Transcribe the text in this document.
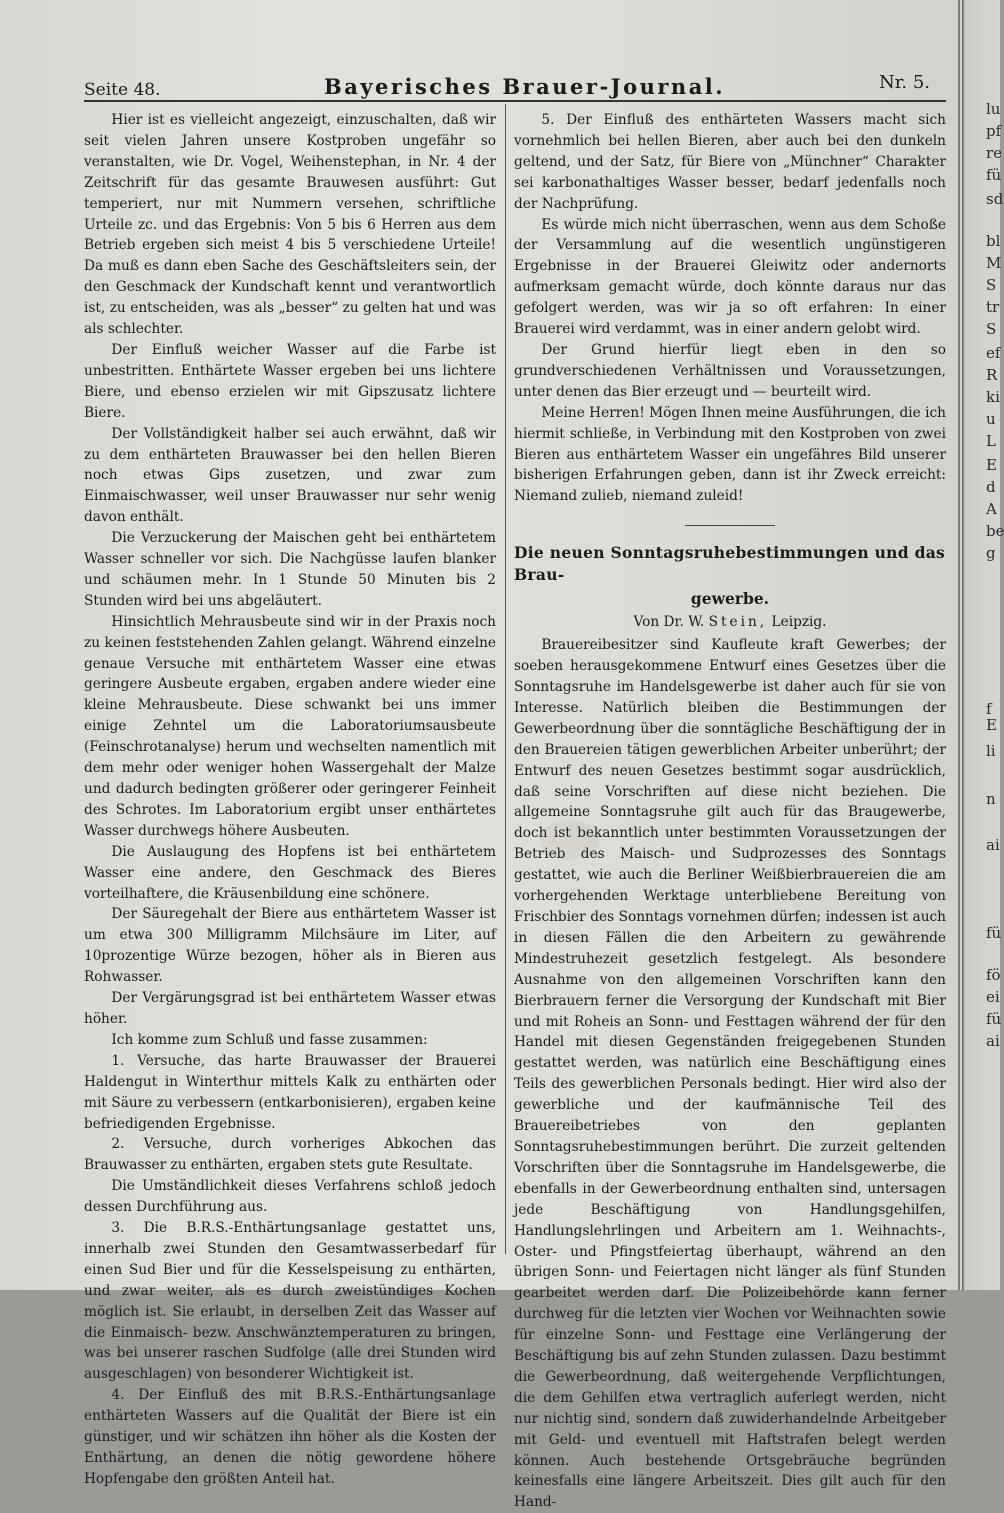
Seite 48.	Bayerisches Brauer-Journal.	Nr. 5.

Hier ist es vielleicht angezeigt, einzuschalten, daß wir seit vielen Jahren unsere Kostproben ungefähr so veranstalten, wie Dr. Vogel, Weihenstephan, in Nr. 4 der Zeitschrift für das gesamte Brauwesen ausführt: Gut temperiert, nur mit Nummern versehen, schriftliche Urteile zc. und das Ergebnis: Von 5 bis 6 Herren aus dem Betrieb ergeben sich meist 4 bis 5 verschiedene Urteile! Da muß es dann eben Sache des Geschäftsleiters sein, der den Geschmack der Kundschaft kennt und verantwortlich ist, zu entscheiden, was als „besser“ zu gelten hat und was als schlechter.

Der Einfluß weicher Wasser auf die Farbe ist unbestritten. Enthärtete Wasser ergeben bei uns lichtere Biere, und ebenso erzielen wir mit Gipszusatz lichtere Biere.

Der Vollständigkeit halber sei auch erwähnt, daß wir zu dem enthärteten Brauwasser bei den hellen Bieren noch etwas Gips zusetzen, und zwar zum Einmaischwasser, weil unser Brauwasser nur sehr wenig davon enthält.

Die Verzuckerung der Maischen geht bei enthärtetem Wasser schneller vor sich. Die Nachgüsse laufen blanker und schäumen mehr. In 1 Stunde 50 Minuten bis 2 Stunden wird bei uns abgeläutert.

Hinsichtlich Mehrausbeute sind wir in der Praxis noch zu keinen feststehenden Zahlen gelangt. Während einzelne genaue Versuche mit enthärtetem Wasser eine etwas geringere Ausbeute ergaben, ergaben andere wieder eine kleine Mehrausbeute. Diese schwankt bei uns immer einige Zehntel um die Laboratoriumsausbeute (Feinschrotanalyse) herum und wechselten namentlich mit dem mehr oder weniger hohen Wassergehalt der Malze und dadurch bedingten größerer oder geringerer Feinheit des Schrotes. Im Laboratorium ergibt unser enthärtetes Wasser durchwegs höhere Ausbeuten.

Die Auslaugung des Hopfens ist bei enthärtetem Wasser eine andere, den Geschmack des Bieres vorteilhaftere, die Kräusenbildung eine schönere.

Der Säuregehalt der Biere aus enthärtetem Wasser ist um etwa 300 Milligramm Milchsäure im Liter, auf 10prozentige Würze bezogen, höher als in Bieren aus Rohwasser.

Der Vergärungsgrad ist bei enthärtetem Wasser etwas höher.

Ich komme zum Schluß und fasse zusammen:

1. Versuche, das harte Brauwasser der Brauerei Haldengut in Winterthur mittels Kalk zu enthärten oder mit Säure zu verbessern (entkarbonisieren), ergaben keine befriedigenden Ergebnisse.

2. Versuche, durch vorheriges Abkochen das Brauwasser zu enthärten, ergaben stets gute Resultate.

Die Umständlichkeit dieses Verfahrens schloß jedoch dessen Durchführung aus.

3. Die B.R.S.-Enthärtungsanlage gestattet uns, innerhalb zwei Stunden den Gesamtwasserbedarf für einen Sud Bier und für die Kesselspeisung zu enthärten, und zwar weiter, als es durch zweistündiges Kochen möglich ist. Sie erlaubt, in derselben Zeit das Wasser auf die Einmaisch- bezw. Anschwänztemperaturen zu bringen, was bei unserer raschen Sudfolge (alle drei Stunden wird ausgeschlagen) von besonderer Wichtigkeit ist.

4. Der Einfluß des mit B.R.S.-Enthärtungsanlage enthärteten Wassers auf die Qualität der Biere ist ein günstiger, und wir schätzen ihn höher als die Kosten der Enthärtung, an denen die nötig gewordene höhere Hopfengabe den größten Anteil hat.

5. Der Einfluß des enthärteten Wassers macht sich vornehmlich bei hellen Bieren, aber auch bei den dunkeln geltend, und der Satz, für Biere von „Münchner“ Charakter sei karbonathaltiges Wasser besser, bedarf jedenfalls noch der Nachprüfung.

Es würde mich nicht überraschen, wenn aus dem Schoße der Versammlung auf die wesentlich ungünstigeren Ergebnisse in der Brauerei Gleiwitz oder andernorts aufmerksam gemacht würde, doch könnte daraus nur das gefolgert werden, was wir ja so oft erfahren: In einer Brauerei wird verdammt, was in einer andern gelobt wird.

Der Grund hierfür liegt eben in den so grundverschiedenen Verhältnissen und Voraussetzungen, unter denen das Bier erzeugt und — beurteilt wird.

Meine Herren! Mögen Ihnen meine Ausführungen, die ich hiermit schließe, in Verbindung mit den Kostproben von zwei Bieren aus enthärtetem Wasser ein ungefähres Bild unserer bisherigen Erfahrungen geben, dann ist ihr Zweck erreicht: Niemand zulieb, niemand zuleid!

Die neuen Sonntagsruhebestimmungen und das Brau-
gewerbe.
Von Dr. W. Stein, Leipzig.

Brauereibesitzer sind Kaufleute kraft Gewerbes; der soeben herausgekommene Entwurf eines Gesetzes über die Sonntagsruhe im Handelsgewerbe ist daher auch für sie von Interesse. Natürlich bleiben die Bestimmungen der Gewerbeordnung über die sonntägliche Beschäftigung der in den Brauereien tätigen gewerblichen Arbeiter unberührt; der Entwurf des neuen Gesetzes bestimmt sogar ausdrücklich, daß seine Vorschriften auf diese nicht beziehen. Die allgemeine Sonntagsruhe gilt auch für das Braugewerbe, doch ist bekanntlich unter bestimmten Voraussetzungen der Betrieb des Maisch- und Sudprozesses des Sonntags gestattet, wie auch die Berliner Weißbierbrauereien die am vorhergehenden Werktage unterbliebene Bereitung von Frischbier des Sonntags vornehmen dürfen; indessen ist auch in diesen Fällen die den Arbeitern zu gewährende Mindestruhezeit gesetzlich festgelegt. Als besondere Ausnahme von den allgemeinen Vorschriften kann den Bierbrauern ferner die Versorgung der Kundschaft mit Bier und mit Roheis an Sonn- und Festtagen während der für den Handel mit diesen Gegenständen freigegebenen Stunden gestattet werden, was natürlich eine Beschäftigung eines Teils des gewerblichen Personals bedingt. Hier wird also der gewerbliche und der kaufmännische Teil des Brauereibetriebes von den geplanten Sonntagsruhebestimmungen berührt. Die zurzeit geltenden Vorschriften über die Sonntagsruhe im Handelsgewerbe, die ebenfalls in der Gewerbeordnung enthalten sind, untersagen jede Beschäftigung von Handlungsgehilfen, Handlungslehrlingen und Arbeitern am 1. Weihnachts-, Oster- und Pfingstfeiertag überhaupt, während an den übrigen Sonn- und Feiertagen nicht länger als fünf Stunden gearbeitet werden darf. Die Polizeibehörde kann ferner durchweg für die letzten vier Wochen vor Weihnachten sowie für einzelne Sonn- und Festtage eine Verlängerung der Beschäftigung bis auf zehn Stunden zulassen. Dazu bestimmt die Gewerbeordnung, daß weitergehende Verpflichtungen, die dem Gehilfen etwa vertraglich auferlegt werden, nicht nur nichtig sind, sondern daß zuwiderhandelnde Arbeitgeber mit Geld- und eventuell mit Haftstrafen belegt werden können. Auch bestehende Ortsgebräuche begründen keinesfalls eine längere Arbeitszeit. Dies gilt auch für den Hand-

lu
pf
re
fü
sd
bl
M
S
tr
S
ef
R
ki
u
L
E
d
A
be
g
f
E
li
n
ai
fü
fö
ei
fü
ai
